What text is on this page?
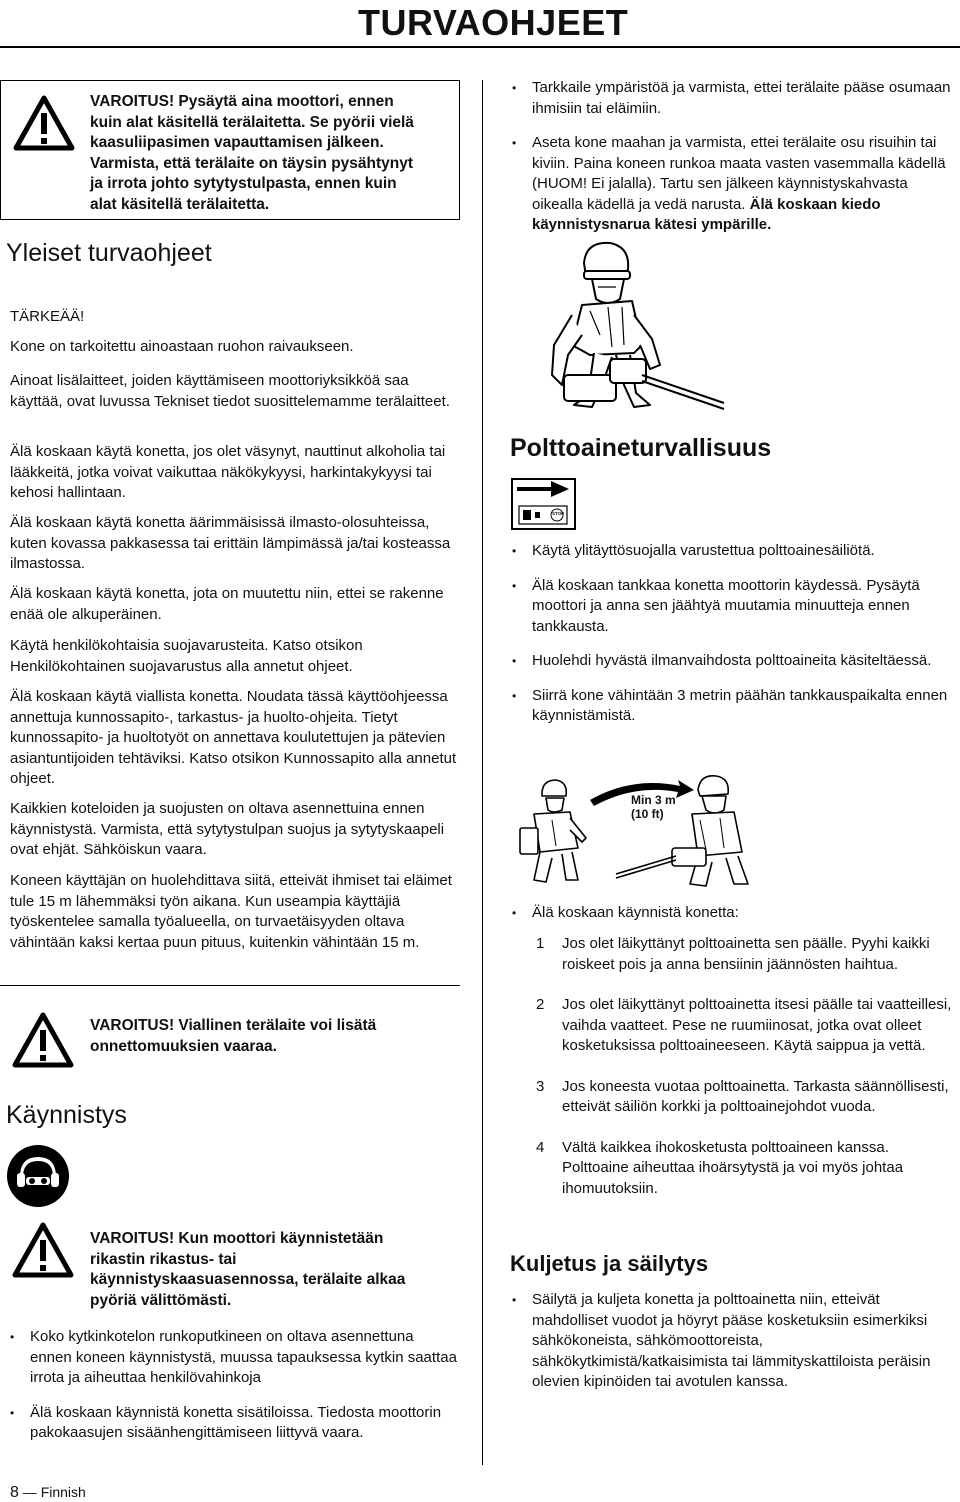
TURVAOHJEET
VAROITUS! Pysäytä aina moottori, ennen
kuin alat käsitellä terälaitetta. Se pyörii vielä
kaasuliipasimen vapauttamisen jälkeen.
Varmista, että terälaite on täysin pysähtynyt
ja irrota johto sytytystulpasta, ennen kuin
alat käsitellä terälaitetta.
Yleiset turvaohjeet
TÄRKEÄÄ!
Kone on tarkoitettu ainoastaan ruohon raivaukseen.
Ainoat lisälaitteet, joiden käyttämiseen moottoriyksikköä saa käyttää, ovat luvussa Tekniset tiedot suosittelemamme terälaitteet.
Älä koskaan käytä konetta, jos olet väsynyt, nauttinut alkoholia tai lääkkeitä, jotka voivat vaikuttaa näkökykyysi, harkintakykyysi tai kehosi hallintaan.
Älä koskaan käytä konetta äärimmäisissä ilmasto-olosuhteissa, kuten kovassa pakkasessa tai erittäin lämpimässä ja/tai kosteassa ilmastossa.
Älä koskaan käytä konetta, jota on muutettu niin, ettei se rakenne enää ole alkuperäinen.
Käytä henkilökohtaisia suojavarusteita. Katso otsikon Henkilökohtainen suojavarustus alla annetut ohjeet.
Älä koskaan käytä viallista konetta. Noudata tässä käyttöohjeessa annettuja kunnossapito-, tarkastus- ja huolto-ohjeita. Tietyt kunnossapito- ja huoltotyöt on annettava koulutettujen ja pätevien asiantuntijoiden tehtäviksi. Katso otsikon Kunnossapito alla annetut ohjeet.
Kaikkien koteloiden ja suojusten on oltava asennettuina ennen käynnistystä. Varmista, että sytytystulpan suojus ja sytytyskaapeli ovat ehjät. Sähköiskun vaara.
Koneen käyttäjän on huolehdittava siitä, etteivät ihmiset tai eläimet tule 15 m lähemmäksi työn aikana. Kun useampia käyttäjiä työskentelee samalla työalueella, on turvaetäisyyden oltava vähintään kaksi kertaa puun pituus, kuitenkin vähintään 15 m.
VAROITUS! Viallinen terälaite voi lisätä
onnettomuuksien vaaraa.
Käynnistys
VAROITUS! Kun moottori käynnistetään
rikastin rikastus- tai
käynnistyskaasuasennossa, terälaite alkaa
pyöriä välittömästi.
• Koko kytkinkotelon runkoputkineen on oltava asennettuna ennen koneen käynnistystä, muussa tapauksessa kytkin saattaa irrota ja aiheuttaa henkilövahinkoja
• Älä koskaan käynnistä konetta sisätiloissa. Tiedosta moottorin pakokaasujen sisäänhengittämiseen liittyvä vaara.
• Tarkkaile ympäristöä ja varmista, ettei terälaite pääse osumaan ihmisiin tai eläimiin.
• Aseta kone maahan ja varmista, ettei terälaite osu risuihin tai kiviin. Paina koneen runkoa maata vasten vasemmalla kädellä (HUOM! Ei jalalla). Tartu sen jälkeen käynnistyskahvasta oikealla kädellä ja vedä narusta. Älä koskaan kiedo käynnistysnarua kätesi ympärille.
Polttoaineturvallisuus
STOP
• Käytä ylitäyttösuojalla varustettua polttoainesäiliötä.
• Älä koskaan tankkaa konetta moottorin käydessä. Pysäytä moottori ja anna sen jäähtyä muutamia minuutteja ennen tankkausta.
• Huolehdi hyvästä ilmanvaihdosta polttoaineita käsiteltäessä.
• Siirrä kone vähintään 3 metrin päähän tankkauspaikalta ennen käynnistämistä.
Min 3 m
(10 ft)
• Älä koskaan käynnistä konetta:
1 Jos olet läikyttänyt polttoainetta sen päälle. Pyyhi kaikki roiskeet pois ja anna bensiinin jäännösten haihtua.
2 Jos olet läikyttänyt polttoainetta itsesi päälle tai vaatteillesi, vaihda vaatteet. Pese ne ruumiinosat, jotka ovat olleet kosketuksissa polttoaineeseen. Käytä saippua ja vettä.
3 Jos koneesta vuotaa polttoainetta. Tarkasta säännöllisesti, etteivät säiliön korkki ja polttoainejohdot vuoda.
4 Vältä kaikkea ihokosketusta polttoaineen kanssa. Polttoaine aiheuttaa ihoärsytystä ja voi myös johtaa ihomuutoksiin.
Kuljetus ja säilytys
• Säilytä ja kuljeta konetta ja polttoainetta niin, etteivät mahdolliset vuodot ja höyryt pääse kosketuksiin esimerkiksi sähkökoneista, sähkömoottoreista, sähkökytkimistä/katkaisimista tai lämmityskattiloista peräisin olevien kipinöiden tai avotulen kanssa.
8 — Finnish
